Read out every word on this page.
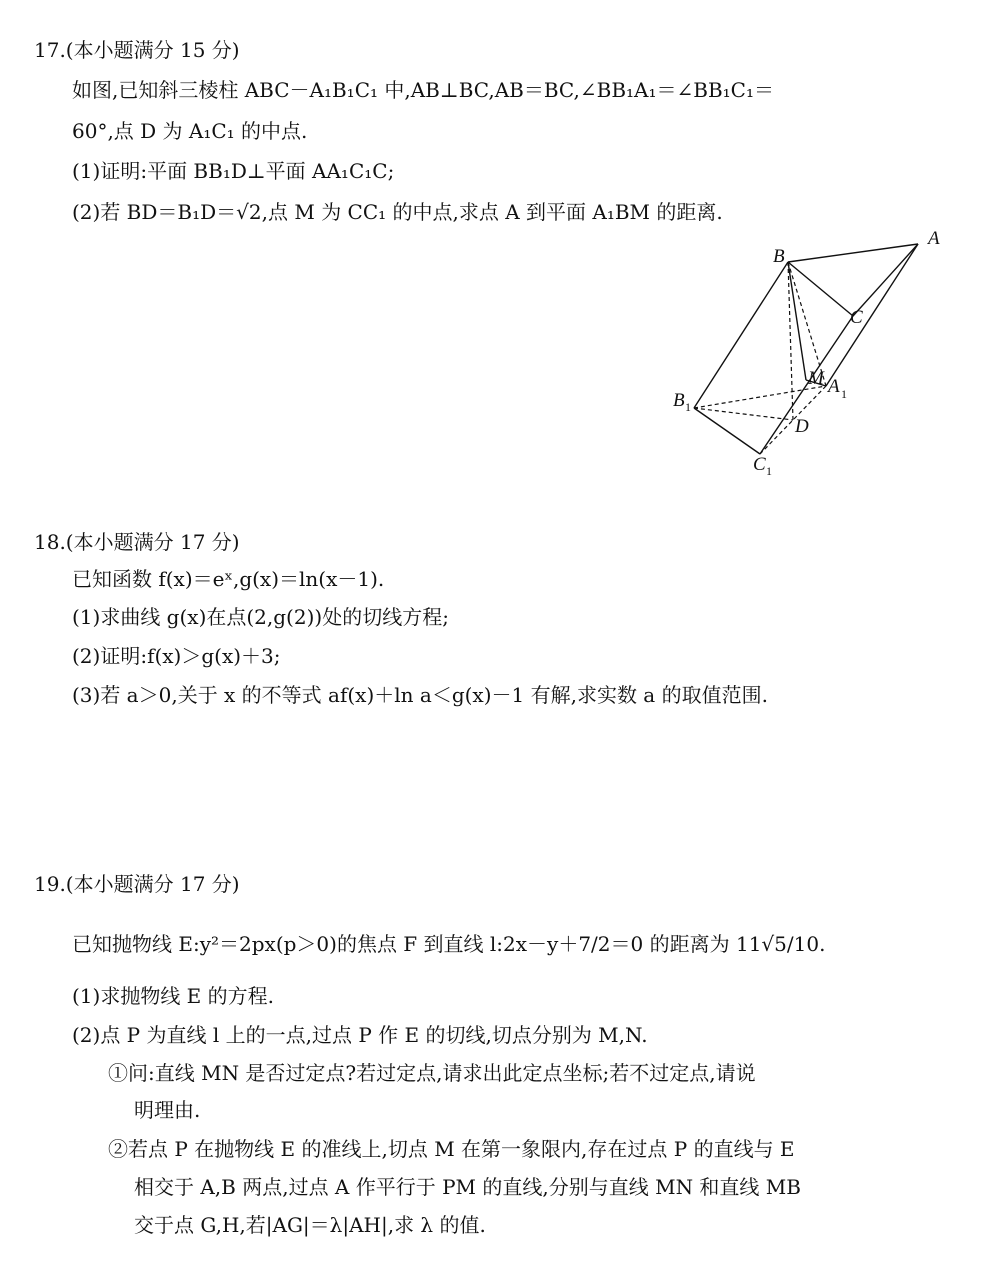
17.(本小题满分 15 分)
如图,已知斜三棱柱 ABC－A₁B₁C₁ 中,AB⊥BC,AB＝BC,∠BB₁A₁＝∠BB₁C₁＝
60°,点 D 为 A₁C₁ 的中点.
(1)证明:平面 BB₁D⊥平面 AA₁C₁C;
(2)若 BD＝B₁D＝√2,点 M 为 CC₁ 的中点,求点 A 到平面 A₁BM 的距离.
B
A
C
M A 1
B 1
D
C 1
18.(本小题满分 17 分)
已知函数 f(x)＝eˣ,g(x)＝ln(x－1).
(1)求曲线 g(x)在点(2,g(2))处的切线方程;
(2)证明:f(x)＞g(x)＋3;
(3)若 a＞0,关于 x 的不等式 af(x)＋ln a＜g(x)－1 有解,求实数 a 的取值范围.
19.(本小题满分 17 分)
已知抛物线 E:y²＝2px(p＞0)的焦点 F 到直线 l:2x－y＋7/2＝0 的距离为 11√5/10.
(1)求抛物线 E 的方程.
(2)点 P 为直线 l 上的一点,过点 P 作 E 的切线,切点分别为 M,N.
①问:直线 MN 是否过定点?若过定点,请求出此定点坐标;若不过定点,请说
明理由.
②若点 P 在抛物线 E 的准线上,切点 M 在第一象限内,存在过点 P 的直线与 E
相交于 A,B 两点,过点 A 作平行于 PM 的直线,分别与直线 MN 和直线 MB
交于点 G,H,若|AG|＝λ|AH|,求 λ 的值.
